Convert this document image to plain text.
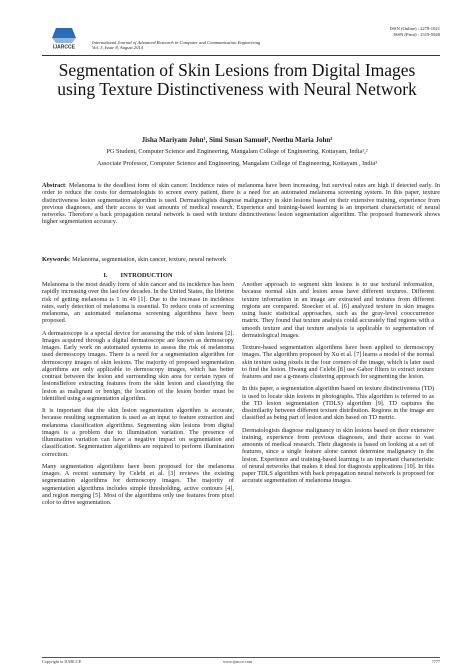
IJARCCE
International Journal of Advanced Research in Computer and Communication Engineering
Vol. 3, Issue 8, August 2014
ISSN (Online) : 2278-1021
ISSN (Print) : 2319-5940
Segmentation of Skin Lesions from Digital Images using Texture Distinctiveness with Neural Network
Jisha Mariyam John¹, Simi Susan Samuel², Neethu Maria John³
PG Student, Computer Science and Engineering, Mangalam College of Engineering, Kottayam, India¹,²
Associate Professor, Computer Science and Engineering, Mangalam College of Engineering, Kottayam , India³
Abstract: Melanoma is the deadliest form of skin cancer. Incidence rates of melanoma have been increasing, but survival rates are high if detected early. In order to reduce the costs for dermatologists to screen every patient, there is a need for an automated melanoma screening system. In this paper, texture distinctiveness lesion segmentation algorithm is used. Dermatologists diagnose malignancy in skin lesions based on their extensive training, experience from previous diagnoses, and their access to vast amounts of medical research. Experience and training-based learning is an important characteristic of neural networks. Therefore a back propagation neural network is used with texture distinctiveness lesion segmentation algorithm. The proposed framework shows higher segmentation accuracy.
Keywords: Melanoma, segmentation, skin cancer, texture, neural network
I.        INTRODUCTION

Melanoma is the most deadly form of skin cancer and its incidence has been rapidly increasing over the last few decades. In the United States, the lifetime risk of getting melanoma is 1 in 49 [1]. Due to the increase in incidence rates, early detection of melanoma is essential. To reduce costs of screening melanoma, an automated melanoma screening algorithms have been proposed.

A dermatoscope is a special device for assessing the risk of skin lesions [2]. Images acquired through a digital dermatoscope are known as dermoscopy images. Early work on automated systems to assess the risk of melanoma used dermoscopy images. There is a need for a segmentation algorithm for dermoscopy images of skin lesions. The majority of proposed segmentation algorithms are only applicable to dermoscopy images, which has better contrast between the lesion and surrounding skin area for certain types of lesionsBefore extracting features from the skin lesion and classifying the lesion as malignant or benign, the location of the lesion border must be identified using a segmentation algorithm.

It is important that the skin lesion segmentation algorithm is accurate, because resulting segmentation is used as an input to feature extraction and melanoma classification algorithms. Segmenting skin lesions from digital images is a problem due to illumination variation. The presence of illumination variation can have a negative impact on segmentation and classification. Segmentation algorithms are required to perform illumination correction.

Many segmentation algorithms have been proposed for the melanoma images. A recent summary by Celebi et al. [3] reviews the existing segmentation algorithms for dermoscopy images. The majority of segmentation algorithms includes simple thresholding, active contours [4], and region merging [5]. Most of the algorithms only use features from pixel color to drive segmentation.

Another approach to segment skin lesions is to use textural information, because normal skin and lesion areas have different textures. Different texture information in an image are extracted and textures from different regions are compared. Stoecker et al. [6] analyzed texture in skin images using basic statistical approaches, such as the gray-level cooccurrence matrix. They found that texture analysis could accurately find regions with a smooth texture and that texture analysis is applicable to segmentation of dermatological images.

Texture-based segmentation algorithms have been applied to dermoscopy images. The algorithm proposed by Xu et al. [7] learns a model of the normal skin texture using pixels in the four corners of the image, which is later used to find the lesion. Hwang and Celebi [8] use Gabor filters to extract texture features and use a g-means clustering approach for segmenting the lesion.

In this paper, a segmentation algorithm based on texture distinctiveness (TD) is used to locate skin lesions in photographs. This algorithm is referred to as the TD lesion segmentation (TDLS) algorithm [9]. TD captures the dissimilarity between different texture distribution. Regions in the image are classified as being part of lesion and skin based on TD metric.

Dermatologists diagnose malignancy in skin lesions based on their extensive training, experience from previous diagnoses, and their access to vast amounts of medical research. Their diagnosis is based on looking at a set of features, since a single feature alone cannot determine malignancy in the lesion. Experience and training-based learning is an important characteristic of neural networks that makes it ideal for diagnosis applications [10]. In this paper TDLS algorithm with back propagation neural network is proposed for accurate segmentation of melanoma images.

Copyright to IJARCCE	www.ijarcce.com	7777
